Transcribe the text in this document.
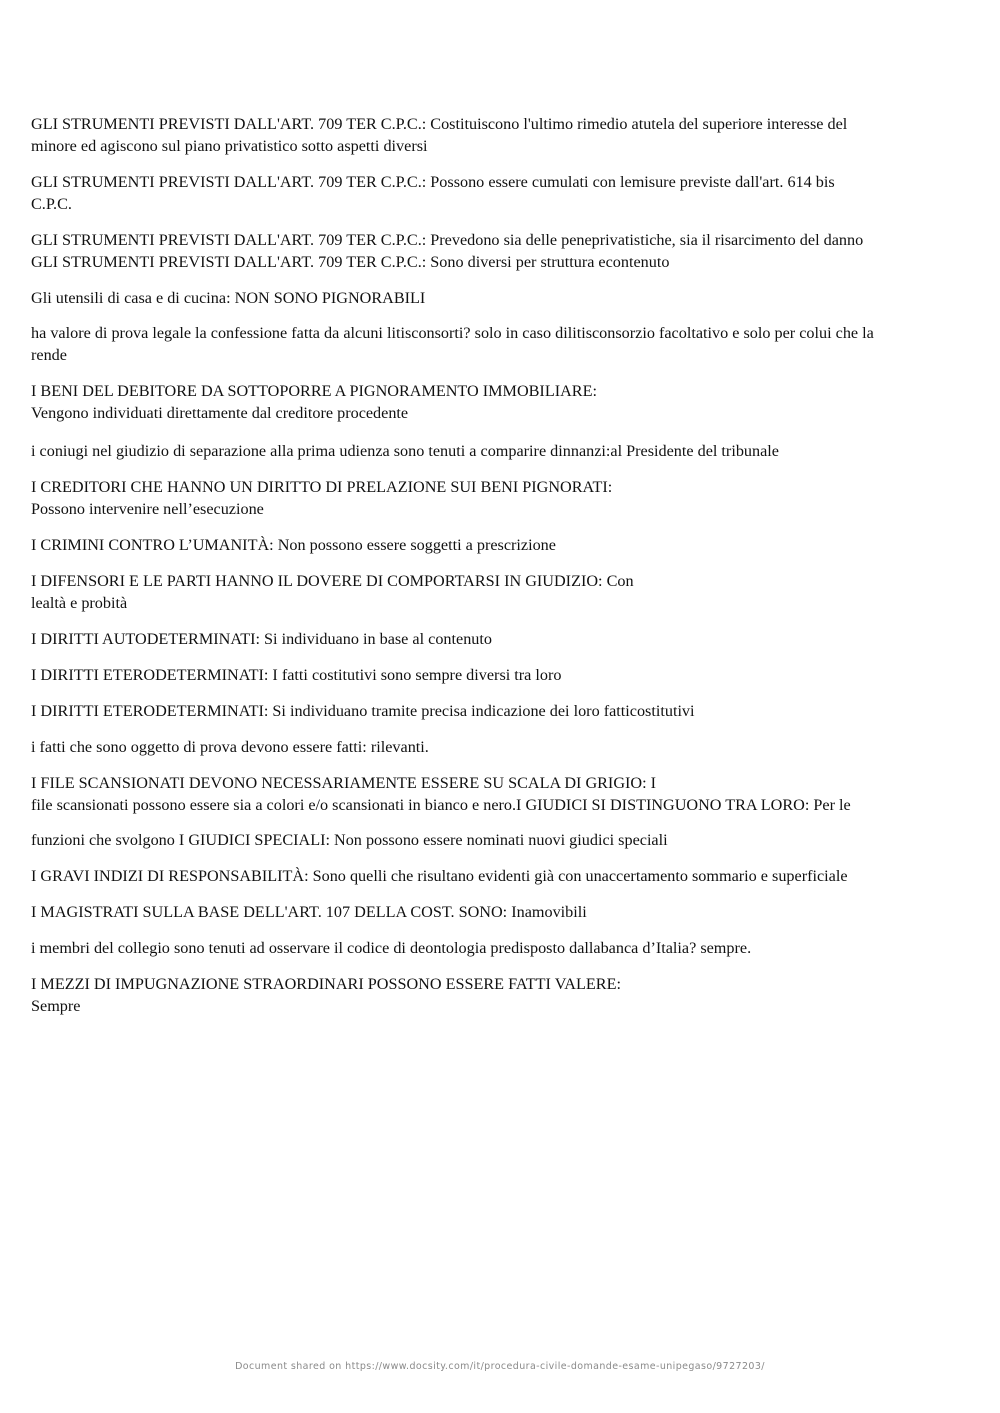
GLI STRUMENTI PREVISTI DALL'ART. 709 TER C.P.C.: Costituiscono l'ultimo rimedio atutela del superiore interesse del
minore ed agiscono sul piano privatistico sotto aspetti diversi
GLI STRUMENTI PREVISTI DALL'ART. 709 TER C.P.C.: Possono essere cumulati con lemisure previste dall'art. 614 bis
C.P.C.
GLI STRUMENTI PREVISTI DALL'ART. 709 TER C.P.C.: Prevedono sia delle peneprivatistiche, sia il risarcimento del danno
GLI STRUMENTI PREVISTI DALL'ART. 709 TER C.P.C.: Sono diversi per struttura econtenuto
Gli utensili di casa e di cucina: NON SONO PIGNORABILI
ha valore di prova legale la confessione fatta da alcuni litisconsorti? solo in caso dilitisconsorzio facoltativo e solo per colui che la
rende
I BENI DEL DEBITORE DA SOTTOPORRE A PIGNORAMENTO IMMOBILIARE:
Vengono individuati direttamente dal creditore procedente
i coniugi nel giudizio di separazione alla prima udienza sono tenuti a comparire dinnanzi:al Presidente del tribunale
I CREDITORI CHE HANNO UN DIRITTO DI PRELAZIONE SUI BENI PIGNORATI:
Possono intervenire nell’esecuzione
I CRIMINI CONTRO L’UMANITÀ: Non possono essere soggetti a prescrizione
I DIFENSORI E LE PARTI HANNO IL DOVERE DI COMPORTARSI IN GIUDIZIO: Con
lealtà e probità
I DIRITTI AUTODETERMINATI: Si individuano in base al contenuto
I DIRITTI ETERODETERMINATI: I fatti costitutivi sono sempre diversi tra loro
I DIRITTI ETERODETERMINATI: Si individuano tramite precisa indicazione dei loro fatticostitutivi
i fatti che sono oggetto di prova devono essere fatti: rilevanti.
I FILE SCANSIONATI DEVONO NECESSARIAMENTE ESSERE SU SCALA DI GRIGIO: I
file scansionati possono essere sia a colori e/o scansionati in bianco e nero.I GIUDICI SI DISTINGUONO TRA LORO: Per le
funzioni che svolgono I GIUDICI SPECIALI: Non possono essere nominati nuovi giudici speciali
I GRAVI INDIZI DI RESPONSABILITÀ: Sono quelli che risultano evidenti già con unaccertamento sommario e superficiale
I MAGISTRATI SULLA BASE DELL'ART. 107 DELLA COST. SONO: Inamovibili
i membri del collegio sono tenuti ad osservare il codice di deontologia predisposto dallabanca d’Italia? sempre.
I MEZZI DI IMPUGNAZIONE STRAORDINARI POSSONO ESSERE FATTI VALERE:
Sempre
Document shared on https://www.docsity.com/it/procedura-civile-domande-esame-unipegaso/9727203/
